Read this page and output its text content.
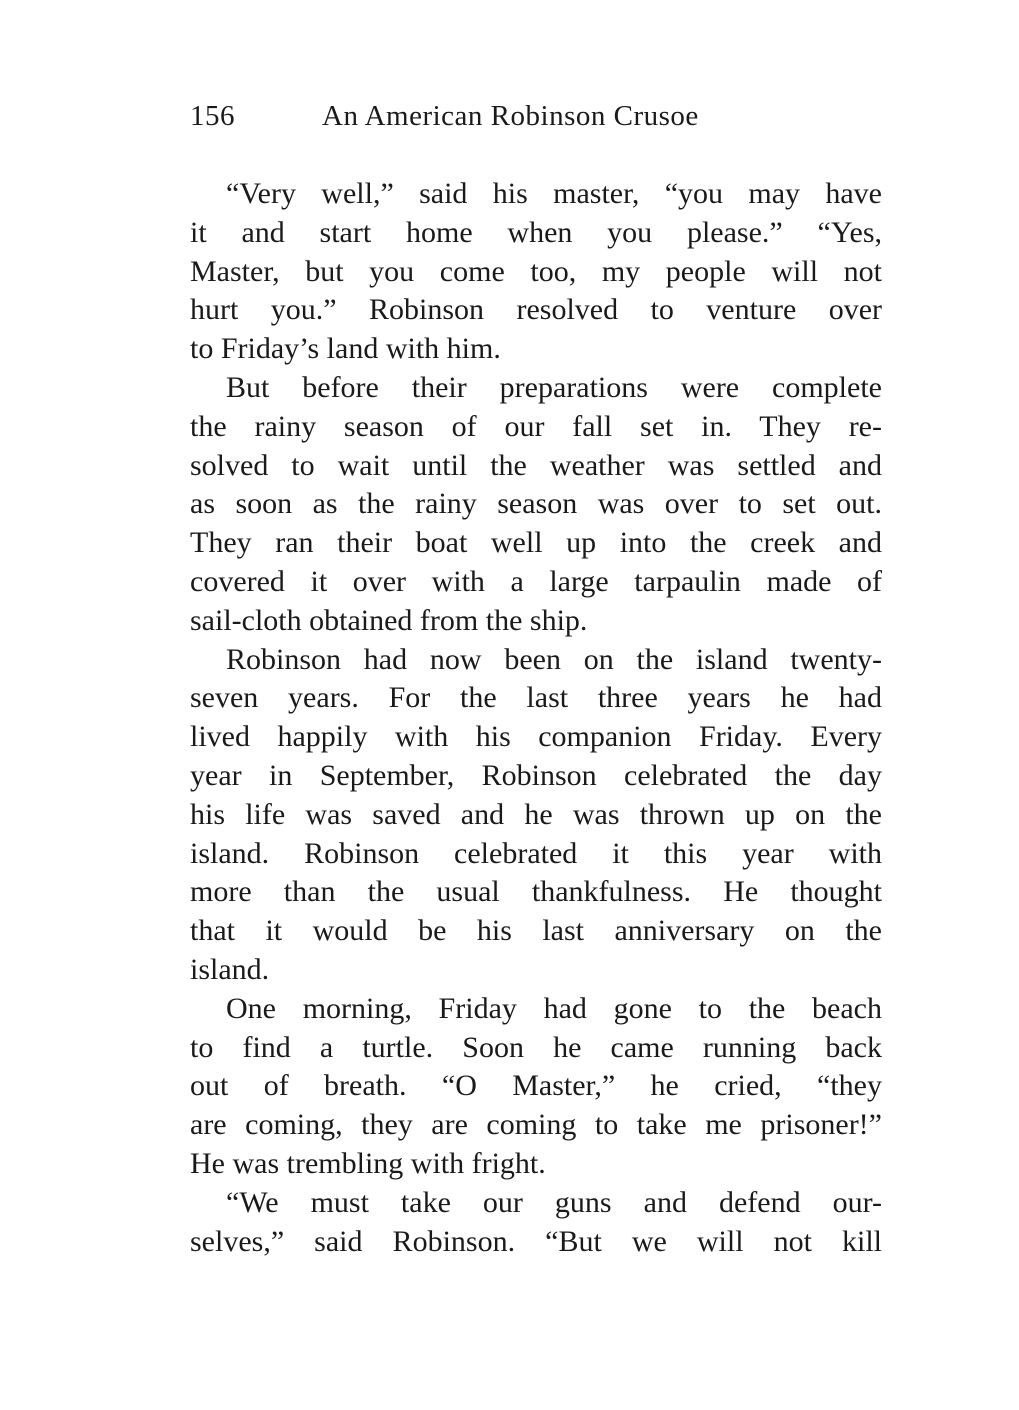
156	An American Robinson Crusoe
“Very well,” said his master, “you may have
it and start home when you please.” “Yes,
Master, but you come too, my people will not
hurt you.” Robinson resolved to venture over
to Friday’s land with him.
But before their preparations were complete
the rainy season of our fall set in. They re-
solved to wait until the weather was settled and
as soon as the rainy season was over to set out.
They ran their boat well up into the creek and
covered it over with a large tarpaulin made of
sail-cloth obtained from the ship.
Robinson had now been on the island twenty-
seven years. For the last three years he had
lived happily with his companion Friday. Every
year in September, Robinson celebrated the day
his life was saved and he was thrown up on the
island. Robinson celebrated it this year with
more than the usual thankfulness. He thought
that it would be his last anniversary on the
island.
One morning, Friday had gone to the beach
to find a turtle. Soon he came running back
out of breath. “O Master,” he cried, “they
are coming, they are coming to take me prisoner!”
He was trembling with fright.
“We must take our guns and defend our-
selves,” said Robinson. “But we will not kill
